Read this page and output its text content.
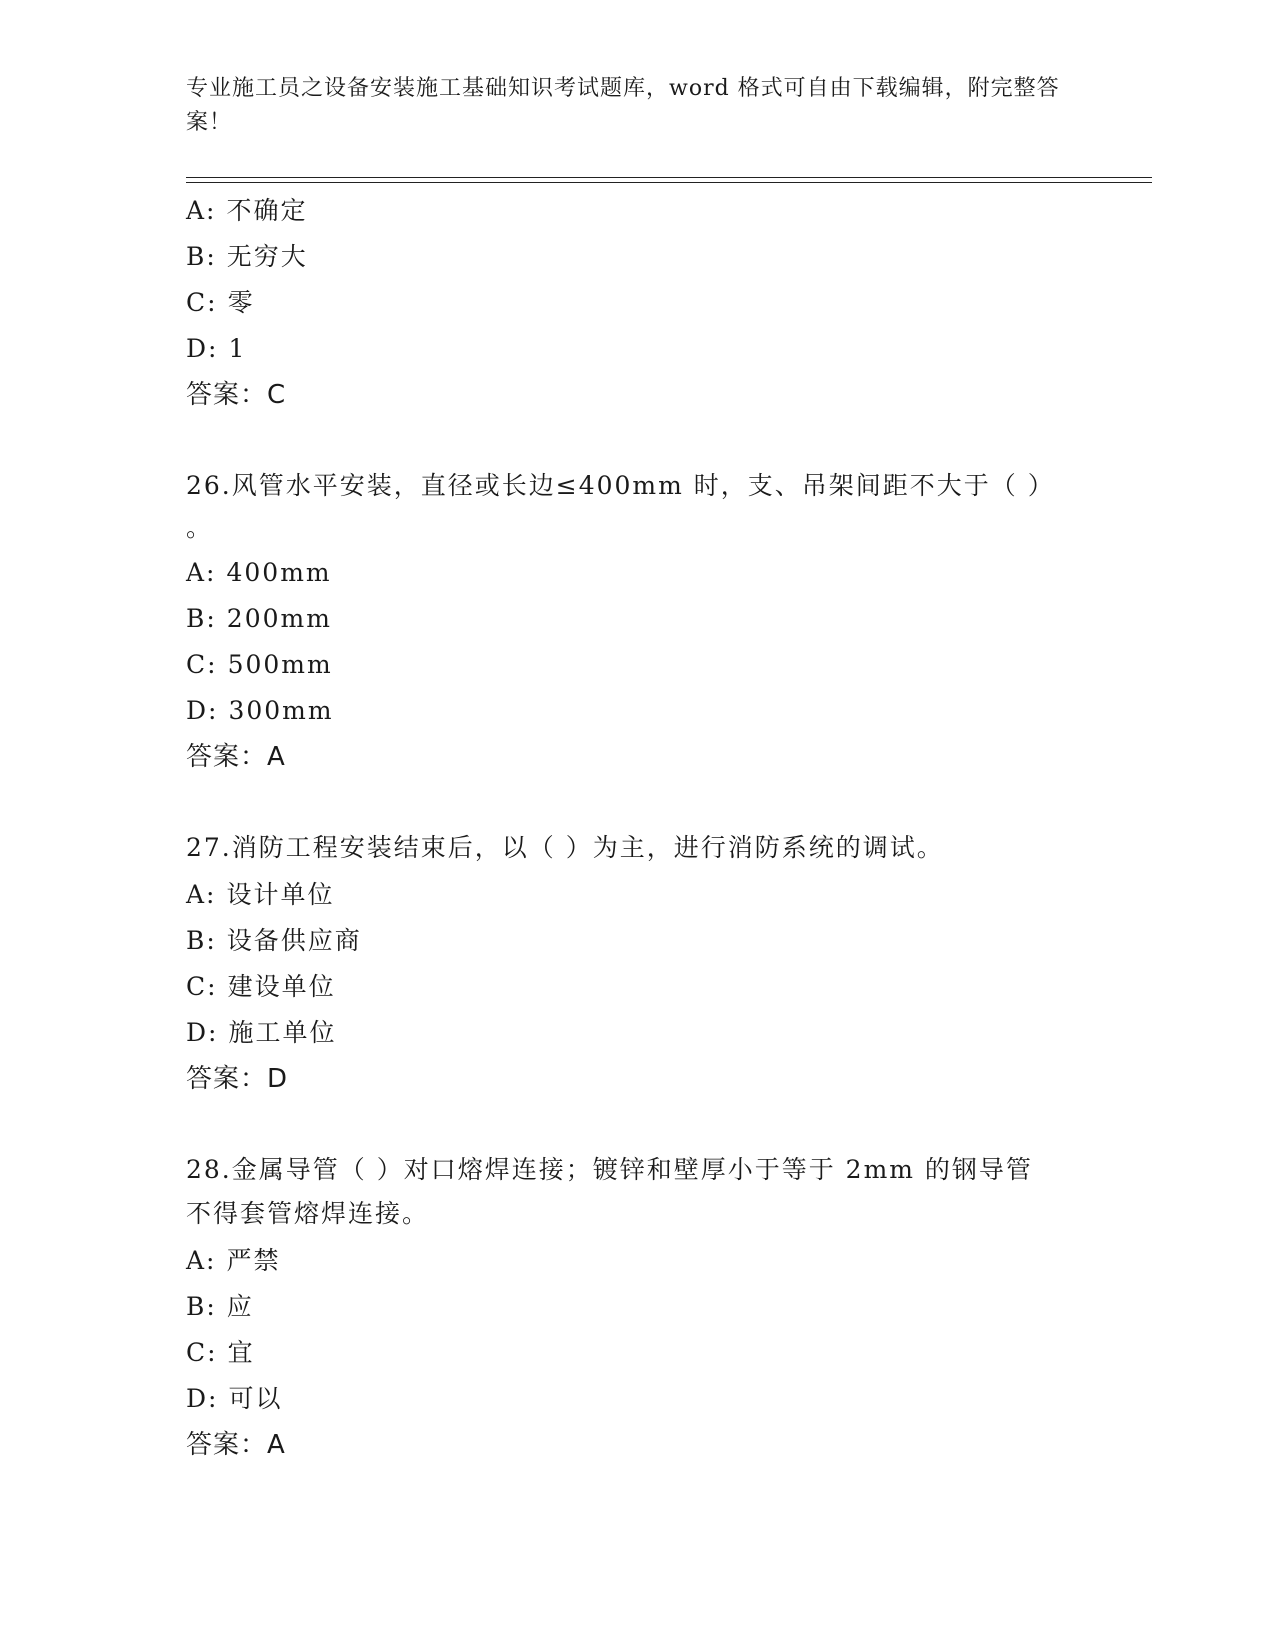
专业施工员之设备安装施工基础知识考试题库，word 格式可自由下载编辑，附完整答案！
A: 不确定
B: 无穷大
C: 零
D: 1
答案：C
26.风管水平安装，直径或长边≤400mm 时，支、吊架间距不大于（ ）
。
A: 400mm
B: 200mm
C: 500mm
D: 300mm
答案：A
27.消防工程安装结束后，以（ ）为主，进行消防系统的调试。
A: 设计单位
B: 设备供应商
C: 建设单位
D: 施工单位
答案：D
28.金属导管（ ）对口熔焊连接；镀锌和壁厚小于等于 2mm 的钢导管
不得套管熔焊连接。
A: 严禁
B: 应
C: 宜
D: 可以
答案：A
